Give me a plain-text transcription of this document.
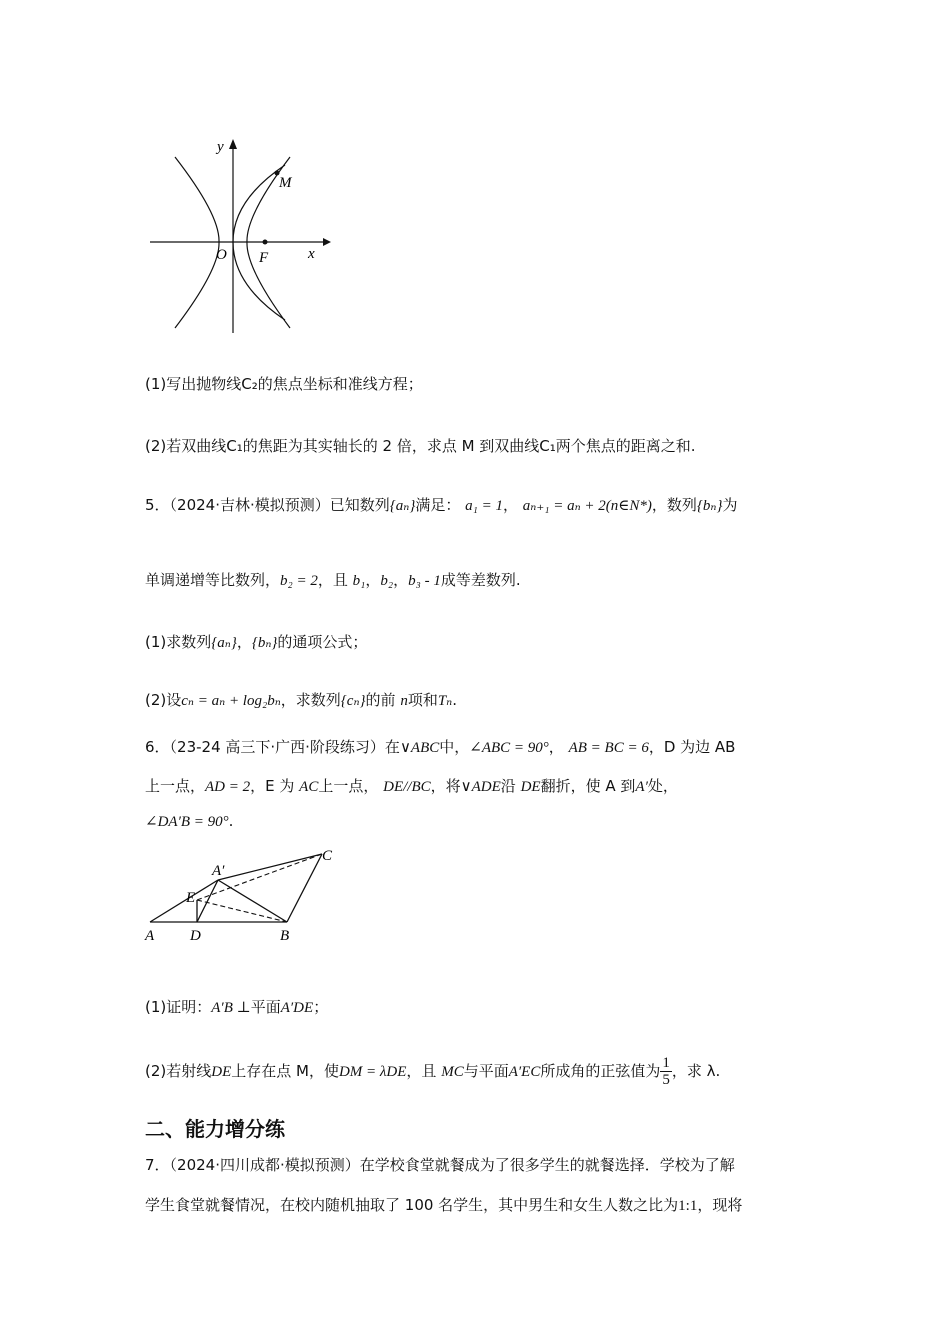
y
x
O F
M
(1)写出抛物线C₂的焦点坐标和准线方程；
(2)若双曲线C₁的焦距为其实轴长的 2 倍，求点 M 到双曲线C₁两个焦点的距离之和.
5．（2024·吉林·模拟预测）已知数列{aₙ}满足： a₁ = 1， aₙ₊₁ = aₙ + 2(n∈N*)，数列{bₙ}为
单调递增等比数列，b₂ = 2，且 b₁，b₂，b₃ - 1成等差数列.
(1)求数列{aₙ}，{bₙ}的通项公式；
(2)设cₙ = aₙ + log₂bₙ，求数列{cₙ}的前 n项和Tₙ.
6．（23-24 高三下·广西·阶段练习）在∨ABC中，∠ABC = 90°， AB = BC = 6，D 为边 AB
上一点，AD = 2，E 为 AC上一点， DE//BC，将∨ADE沿 DE翻折，使 A 到A′处，
∠DA′B = 90°.
A D	B
E
A′
C
(1)证明：A′B ⊥平面A′DE；
(2)若射线DE上存在点 M，使DM = λDE，且 MC与平面A′EC所成角的正弦值为 $\frac{1}{5}$ ，求 λ.
二、能力增分练
7．（2024·四川成都·模拟预测）在学校食堂就餐成为了很多学生的就餐选择．学校为了解
学生食堂就餐情况，在校内随机抽取了 100 名学生，其中男生和女生人数之比为1:1，现将
